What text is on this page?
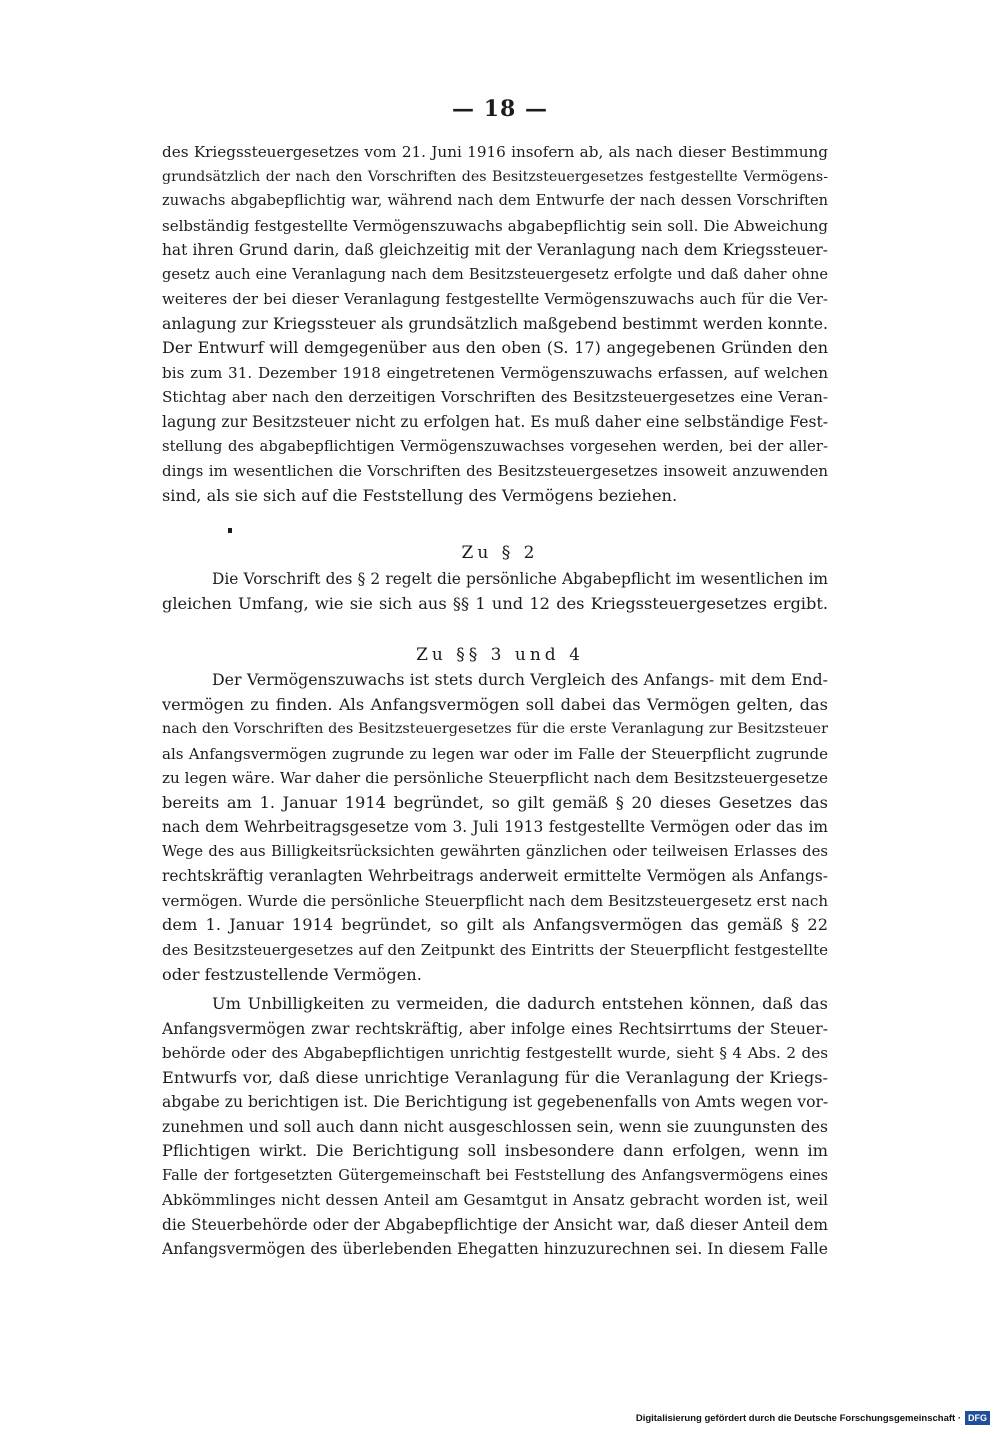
— 18 —
des Kriegssteuergesetzes vom 21. Juni 1916 insofern ab, als nach dieser Bestimmung
grundsätzlich der nach den Vorschriften des Besitzsteuergesetzes festgestellte Vermögens-
zuwachs abgabepflichtig war, während nach dem Entwurfe der nach dessen Vorschriften
selbständig festgestellte Vermögenszuwachs abgabepflichtig sein soll. Die Abweichung
hat ihren Grund darin, daß gleichzeitig mit der Veranlagung nach dem Kriegssteuer-
gesetz auch eine Veranlagung nach dem Besitzsteuergesetz erfolgte und daß daher ohne
weiteres der bei dieser Veranlagung festgestellte Vermögenszuwachs auch für die Ver-
anlagung zur Kriegssteuer als grundsätzlich maßgebend bestimmt werden konnte.
Der Entwurf will demgegenüber aus den oben (S. 17) angegebenen Gründen den
bis zum 31. Dezember 1918 eingetretenen Vermögenszuwachs erfassen, auf welchen
Stichtag aber nach den derzeitigen Vorschriften des Besitzsteuergesetzes eine Veran-
lagung zur Besitzsteuer nicht zu erfolgen hat. Es muß daher eine selbständige Fest-
stellung des abgabepflichtigen Vermögenszuwachses vorgesehen werden, bei der aller-
dings im wesentlichen die Vorschriften des Besitzsteuergesetzes insoweit anzuwenden
sind, als sie sich auf die Feststellung des Vermögens beziehen.
Zu § 2
Die Vorschrift des § 2 regelt die persönliche Abgabepflicht im wesentlichen im
gleichen Umfang, wie sie sich aus §§ 1 und 12 des Kriegssteuergesetzes ergibt.
Zu §§ 3 und 4
Der Vermögenszuwachs ist stets durch Vergleich des Anfangs- mit dem End-
vermögen zu finden. Als Anfangsvermögen soll dabei das Vermögen gelten, das
nach den Vorschriften des Besitzsteuergesetzes für die erste Veranlagung zur Besitzsteuer
als Anfangsvermögen zugrunde zu legen war oder im Falle der Steuerpflicht zugrunde
zu legen wäre. War daher die persönliche Steuerpflicht nach dem Besitzsteuergesetze
bereits am 1. Januar 1914 begründet, so gilt gemäß § 20 dieses Gesetzes das
nach dem Wehrbeitragsgesetze vom 3. Juli 1913 festgestellte Vermögen oder das im
Wege des aus Billigkeitsrücksichten gewährten gänzlichen oder teilweisen Erlasses des
rechtskräftig veranlagten Wehrbeitrags anderweit ermittelte Vermögen als Anfangs-
vermögen. Wurde die persönliche Steuerpflicht nach dem Besitzsteuergesetz erst nach
dem 1. Januar 1914 begründet, so gilt als Anfangsvermögen das gemäß § 22
des Besitzsteuergesetzes auf den Zeitpunkt des Eintritts der Steuerpflicht festgestellte
oder festzustellende Vermögen.
Um Unbilligkeiten zu vermeiden, die dadurch entstehen können, daß das
Anfangsvermögen zwar rechtskräftig, aber infolge eines Rechtsirrtums der Steuer-
behörde oder des Abgabepflichtigen unrichtig festgestellt wurde, sieht § 4 Abs. 2 des
Entwurfs vor, daß diese unrichtige Veranlagung für die Veranlagung der Kriegs-
abgabe zu berichtigen ist. Die Berichtigung ist gegebenenfalls von Amts wegen vor-
zunehmen und soll auch dann nicht ausgeschlossen sein, wenn sie zuungunsten des
Pflichtigen wirkt. Die Berichtigung soll insbesondere dann erfolgen, wenn im
Falle der fortgesetzten Gütergemeinschaft bei Feststellung des Anfangsvermögens eines
Abkömmlinges nicht dessen Anteil am Gesamtgut in Ansatz gebracht worden ist, weil
die Steuerbehörde oder der Abgabepflichtige der Ansicht war, daß dieser Anteil dem
Anfangsvermögen des überlebenden Ehegatten hinzuzurechnen sei. In diesem Falle
Digitalisierung gefördert durch die Deutsche Forschungsgemeinschaft · DFG
